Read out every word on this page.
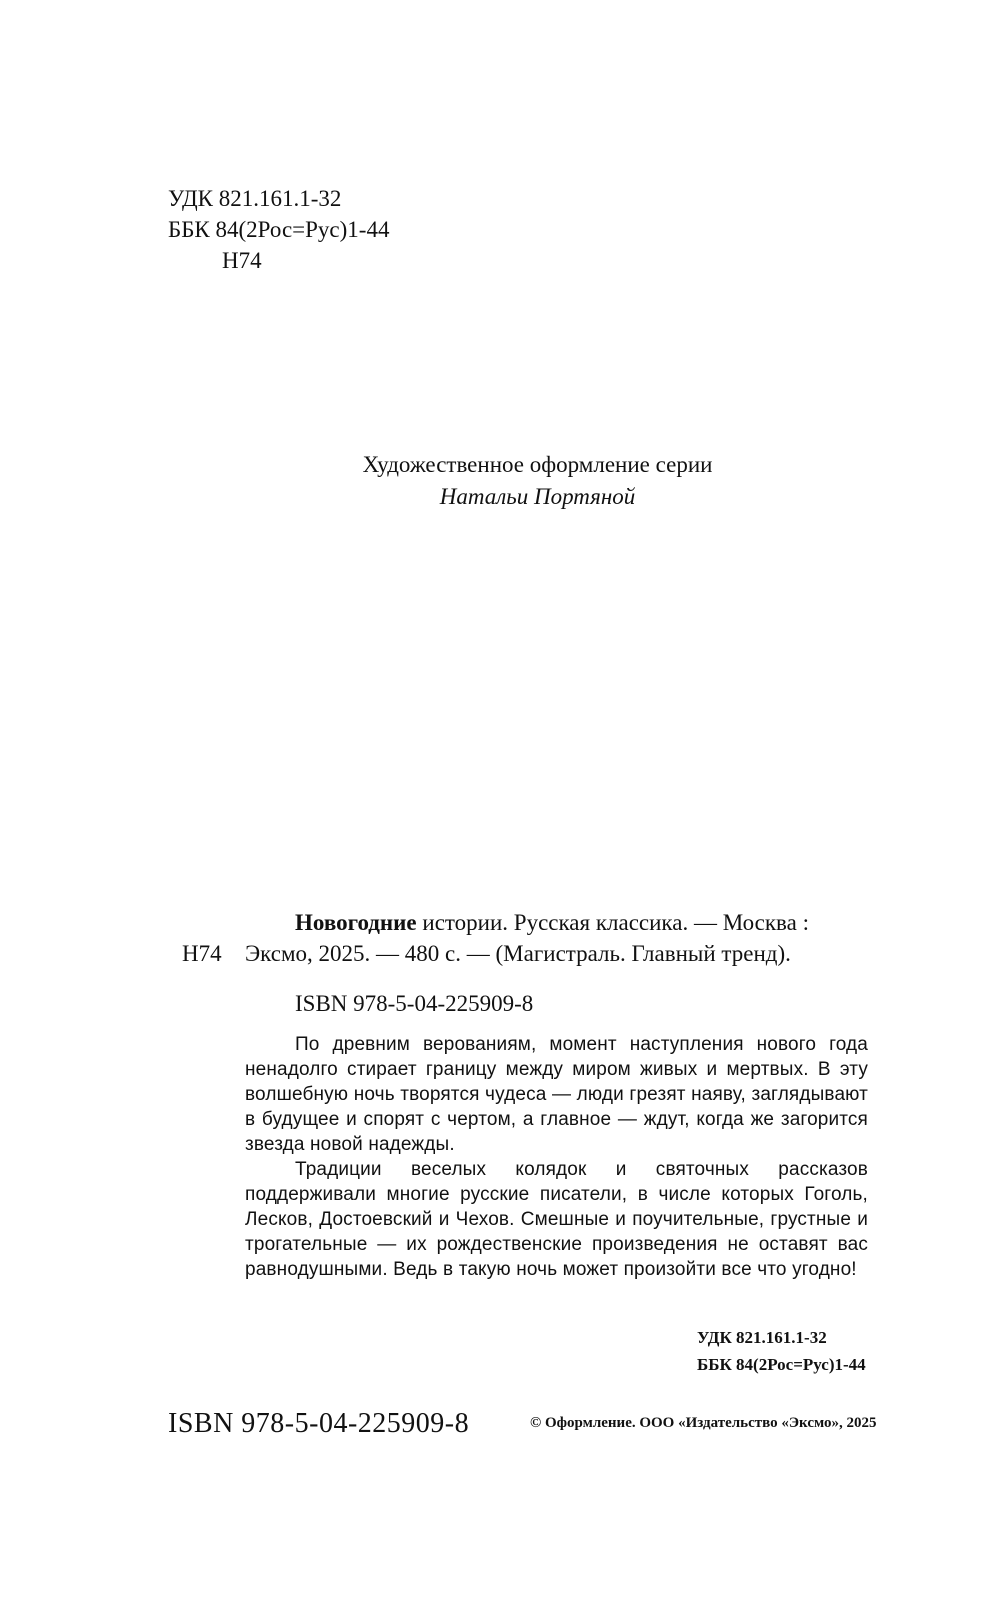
УДК 821.161.1-32
ББК 84(2Рос=Рус)1-44
Н74
Художественное оформление серии
Натальи Портяной
Новогодние истории. Русская классика. — Москва :
Н74 Эксмо, 2025. — 480 с. — (Магистраль. Главный тренд).
ISBN 978-5-04-225909-8

По древним верованиям, момент наступления нового года ненадолго стирает границу между миром живых и мертвых. В эту волшебную ночь творятся чудеса — люди грезят наяву, заглядывают в будущее и спорят с чертом, а главное — ждут, когда же загорится звезда новой надежды.

Традиции веселых колядок и святочных рассказов поддерживали многие русские писатели, в числе которых Гоголь, Лесков, Достоевский и Чехов. Смешные и поучительные, грустные и трогательные — их рождественские произведения не оставят вас равнодушными. Ведь в такую ночь может произойти все что угодно!

УДК 821.161.1-32
ББК 84(2Рос=Рус)1-44
ISBN 978-5-04-225909-8	© Оформление. ООО «Издательство «Эксмо», 2025
